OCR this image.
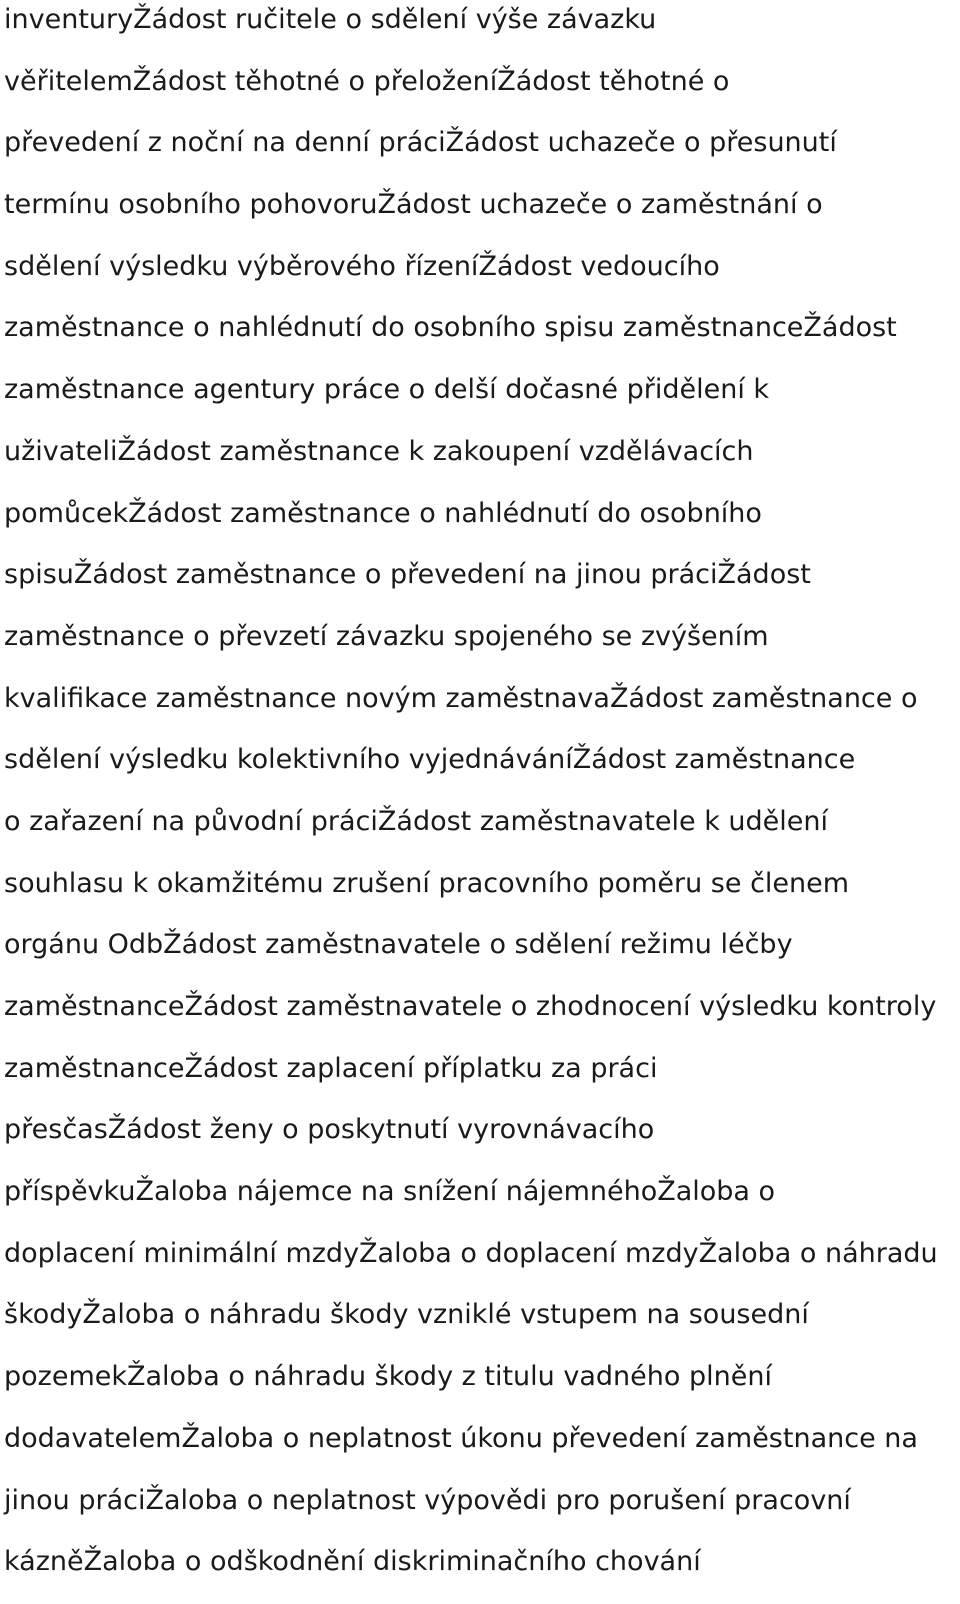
inventuryŽádost ručitele o sdělení výše závazku
věřitelemŽádost těhotné o přeloženíŽádost těhotné o
převedení z noční na denní práciŽádost uchazeče o přesunutí
termínu osobního pohovoruŽádost uchazeče o zaměstnání o
sdělení výsledku výběrového řízeníŽádost vedoucího
zaměstnance o nahlédnutí do osobního spisu zaměstnanceŽádost
zaměstnance agentury práce o delší dočasné přidělení k
uživateliŽádost zaměstnance k zakoupení vzdělávacích
pomůcekŽádost zaměstnance o nahlédnutí do osobního
spisuŽádost zaměstnance o převedení na jinou práciŽádost
zaměstnance o převzetí závazku spojeného se zvýšením
kvalifikace zaměstnance novým zaměstnavaŽádost zaměstnance o
sdělení výsledku kolektivního vyjednáváníŽádost zaměstnance
o zařazení na původní práciŽádost zaměstnavatele k udělení
souhlasu k okamžitému zrušení pracovního poměru se členem
orgánu OdbŽádost zaměstnavatele o sdělení režimu léčby
zaměstnanceŽádost zaměstnavatele o zhodnocení výsledku kontroly
zaměstnanceŽádost zaplacení příplatku za práci
přesčasŽádost ženy o poskytnutí vyrovnávacího
příspěvkuŽaloba nájemce na snížení nájemnéhoŽaloba o
doplacení minimální mzdyŽaloba o doplacení mzdyŽaloba o náhradu
škodyŽaloba o náhradu škody vzniklé vstupem na sousední
pozemekŽaloba o náhradu škody z titulu vadného plnění
dodavatelemŽaloba o neplatnost úkonu převedení zaměstnance na
jinou práciŽaloba o neplatnost výpovědi pro porušení pracovní
kázněŽaloba o odškodnění diskriminačního chování
